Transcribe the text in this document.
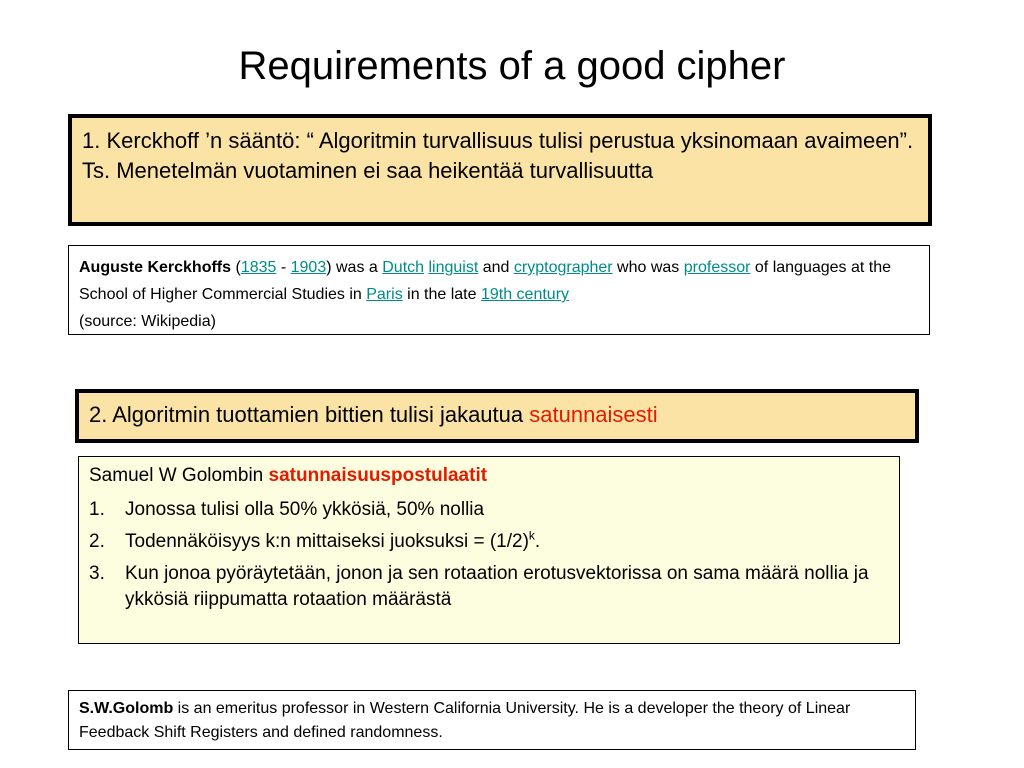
Requirements of a good cipher
1. Kerckhoff ’n sääntö: “ Algoritmin turvallisuus tulisi perustua yksinomaan avaimeen”. Ts. Menetelmän vuotaminen ei saa heikentää turvallisuutta
Auguste Kerckhoffs (1835 - 1903) was a Dutch linguist and cryptographer who was professor of languages at the School of Higher Commercial Studies in Paris in the late 19th century
(source: Wikipedia)
2. Algoritmin tuottamien bittien tulisi jakautua satunnaisesti
Samuel W Golombin satunnaisuuspostulaatit
1. Jonossa tulisi olla 50% ykkösiä, 50% nollia
2. Todennäköisyys k:n mittaiseksi juoksuksi = $(1/2)^k$.
3. Kun jonoa pyöräytetään, jonon ja sen rotaation erotusvektorissa on sama määrä nollia ja ykkösiä riippumatta rotaation määrästä
S.W.Golomb is an emeritus professor in Western California University. He is a developer the theory of Linear Feedback Shift Registers and defined randomness.
